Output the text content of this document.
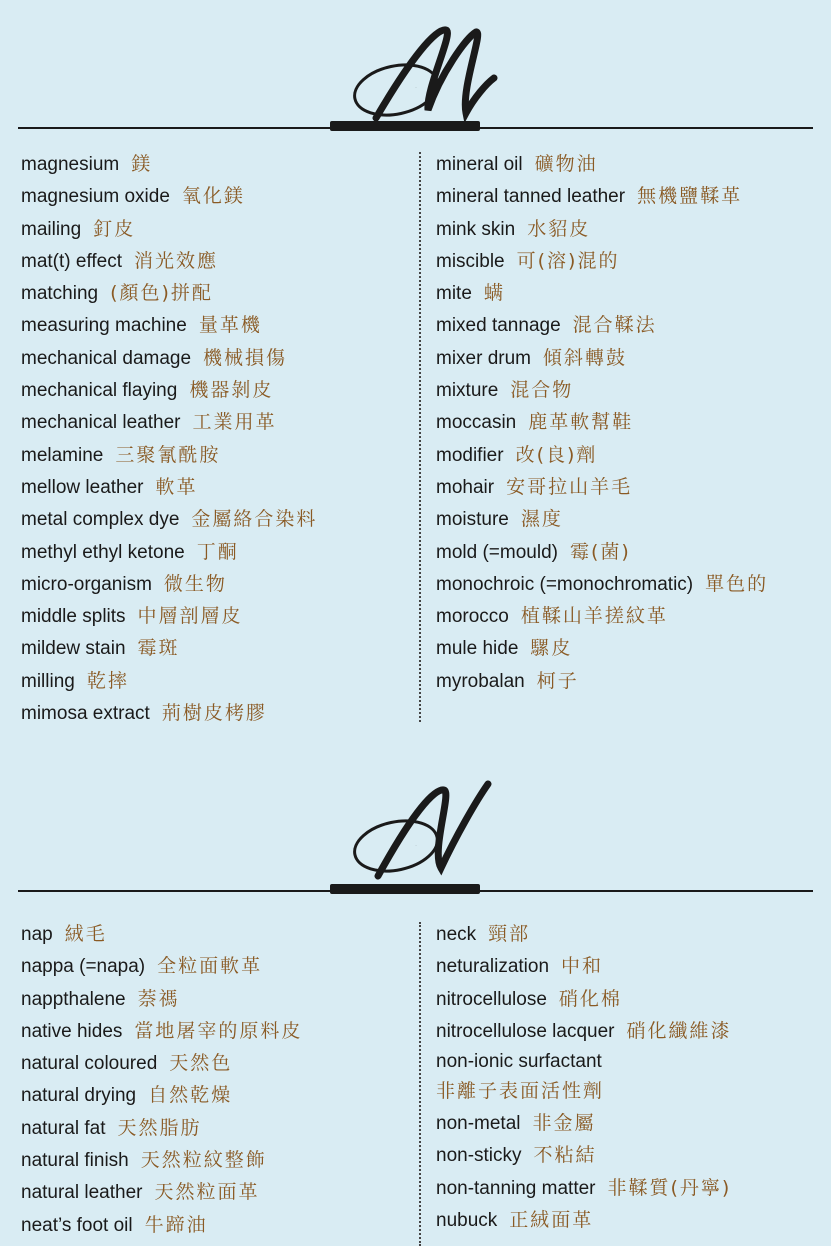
M
magnesium 鎂
magnesium oxide 氧化鎂
mailing 釘皮
mat(t) effect 消光效應
matching (顏色)拼配
measuring machine 量革機
mechanical damage 機械損傷
mechanical flaying 機器剝皮
mechanical leather 工業用革
melamine 三聚氰酰胺
mellow leather 軟革
metal complex dye 金屬絡合染料
methyl ethyl ketone 丁酮
micro-organism 微生物
middle splits 中層剖層皮
mildew stain 霉斑
milling 乾摔
mimosa extract 荊樹皮栲膠
mineral oil 礦物油
mineral tanned leather 無機鹽鞣革
mink skin 水貂皮
miscible 可(溶)混的
mite 螨
mixed tannage 混合鞣法
mixer drum 傾斜轉鼓
mixture 混合物
moccasin 鹿革軟幫鞋
modifier 改(良)劑
mohair 安哥拉山羊毛
moisture 濕度
mold (=mould) 霉(菌)
monochroic (=monochromatic) 單色的
morocco 植鞣山羊搓紋革
mule hide 騾皮
myrobalan 柯子
N
nap 絨毛
nappa (=napa) 全粒面軟革
nappthalene 萘禡
native hides 當地屠宰的原料皮
natural coloured 天然色
natural drying 自然乾燥
natural fat 天然脂肪
natural finish 天然粒紋整飾
natural leather 天然粒面革
neat’s foot oil 牛蹄油
neck 頸部
neturalization 中和
nitrocellulose 硝化棉
nitrocellulose lacquer 硝化纖維漆
non-ionic surfactant
非離子表面活性劑
non-metal 非金屬
non-sticky 不粘結
non-tanning matter 非鞣質(丹寧)
nubuck 正絨面革
